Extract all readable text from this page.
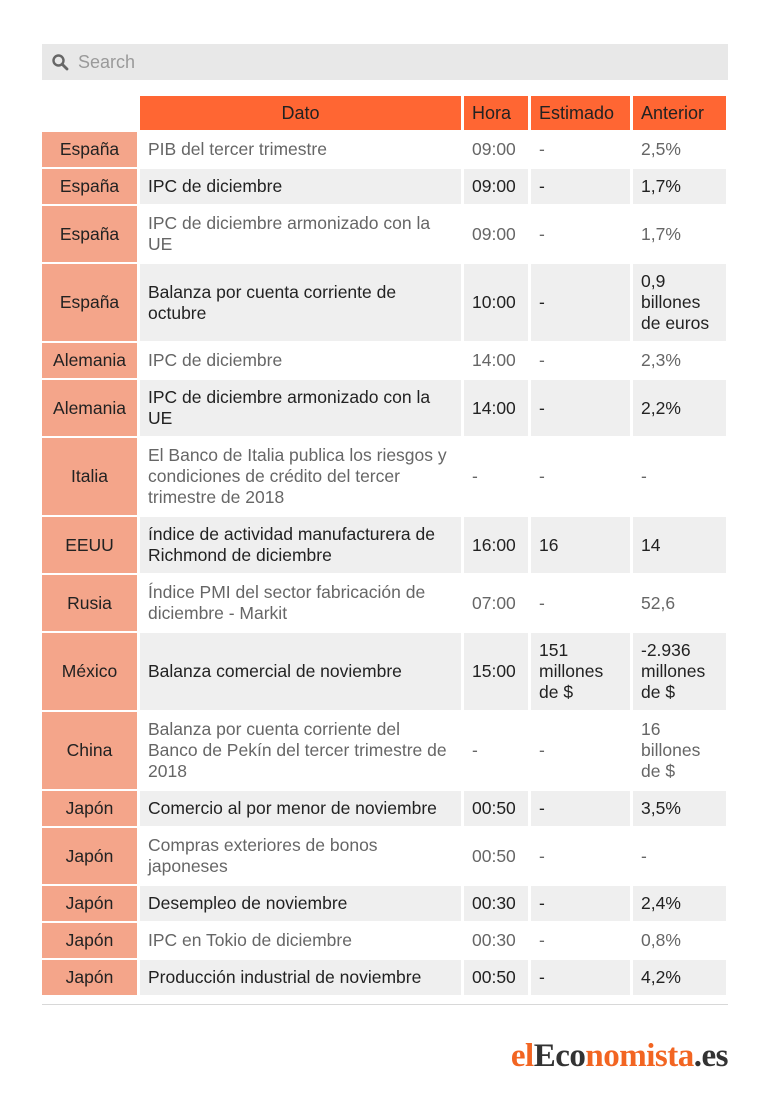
Search
	Dato	Hora	Estimado	Anterior
España	PIB del tercer trimestre	09:00	-	2,5%
España	IPC de diciembre	09:00	-	1,7%
España	IPC de diciembre armonizado con la UE	09:00	-	1,7%
España	Balanza por cuenta corriente de octubre	10:00	-	0,9 billones de euros
Alemania	IPC de diciembre	14:00	-	2,3%
Alemania	IPC de diciembre armonizado con la UE	14:00	-	2,2%
Italia	El Banco de Italia publica los riesgos y condiciones de crédito del tercer trimestre de 2018	-	-	-
EEUU	índice de actividad manufacturera de Richmond de diciembre	16:00	16	14
Rusia	Índice PMI del sector fabricación de diciembre - Markit	07:00	-	52,6
México	Balanza comercial de noviembre	15:00	151 millones de $	-2.936 millones de $
China	Balanza por cuenta corriente del Banco de Pekín del tercer trimestre de 2018	-	-	16 billones de $
Japón	Comercio al por menor de noviembre	00:50	-	3,5%
Japón	Compras exteriores de bonos japoneses	00:50	-	-
Japón	Desempleo de noviembre	00:30	-	2,4%
Japón	IPC en Tokio de diciembre	00:30	-	0,8%
Japón	Producción industrial de noviembre	00:50	-	4,2%
elEconomista.es
